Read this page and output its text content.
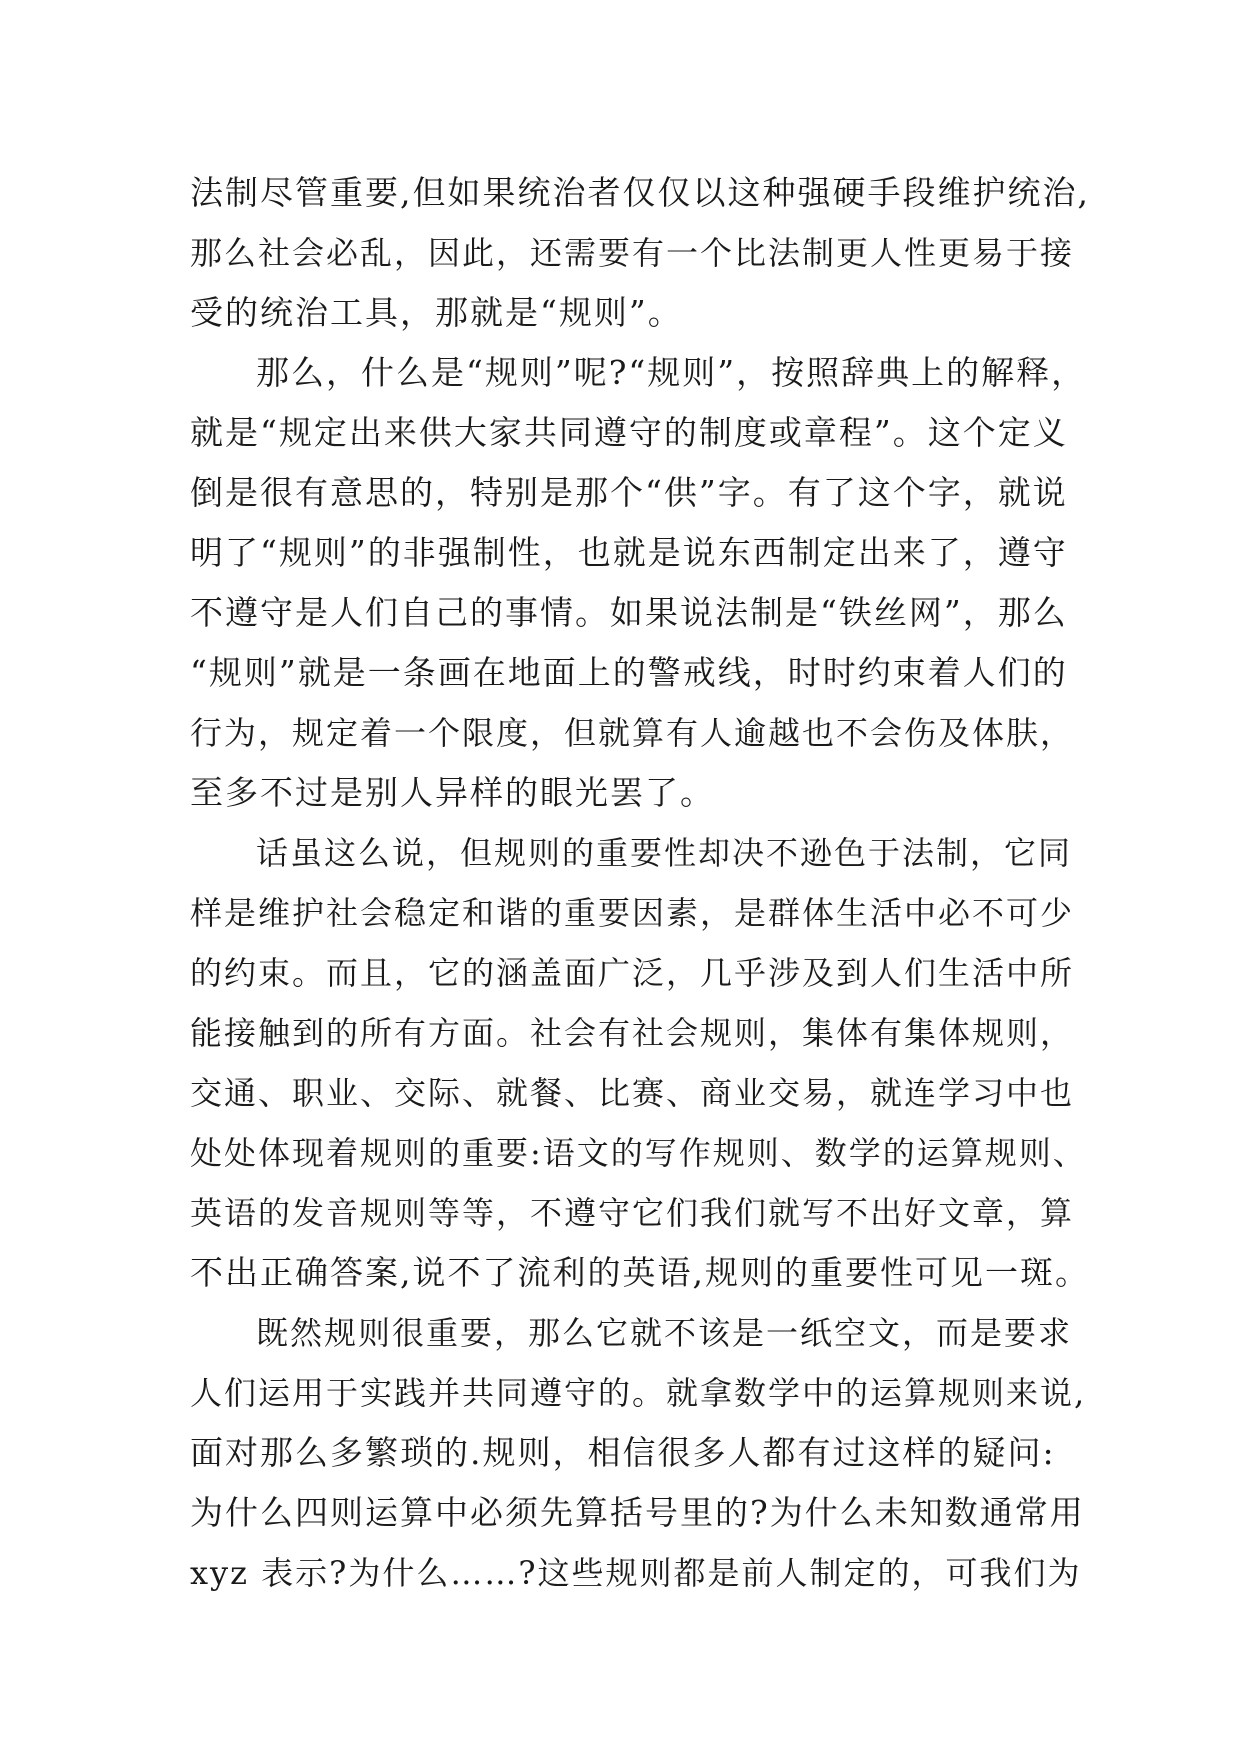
法制尽管重要,但如果统治者仅仅以这种强硬手段维护统治,
那么社会必乱，因此，还需要有一个比法制更人性更易于接
受的统治工具，那就是“规则”。
那么，什么是“规则”呢?“规则”，按照辞典上的解释，
就是“规定出来供大家共同遵守的制度或章程”。这个定义
倒是很有意思的，特别是那个“供”字。有了这个字，就说
明了“规则”的非强制性，也就是说东西制定出来了，遵守
不遵守是人们自己的事情。如果说法制是“铁丝网”，那么
“规则”就是一条画在地面上的警戒线，时时约束着人们的
行为，规定着一个限度，但就算有人逾越也不会伤及体肤，
至多不过是别人异样的眼光罢了。
话虽这么说，但规则的重要性却决不逊色于法制，它同
样是维护社会稳定和谐的重要因素，是群体生活中必不可少
的约束。而且，它的涵盖面广泛，几乎涉及到人们生活中所
能接触到的所有方面。社会有社会规则，集体有集体规则，
交通、职业、交际、就餐、比赛、商业交易，就连学习中也
处处体现着规则的重要:语文的写作规则、数学的运算规则、
英语的发音规则等等，不遵守它们我们就写不出好文章，算
不出正确答案,说不了流利的英语,规则的重要性可见一斑。
既然规则很重要，那么它就不该是一纸空文，而是要求
人们运用于实践并共同遵守的。就拿数学中的运算规则来说,
面对那么多繁琐的.规则，相信很多人都有过这样的疑问:
为什么四则运算中必须先算括号里的?为什么未知数通常用
xyz 表示?为什么……?这些规则都是前人制定的，可我们为
